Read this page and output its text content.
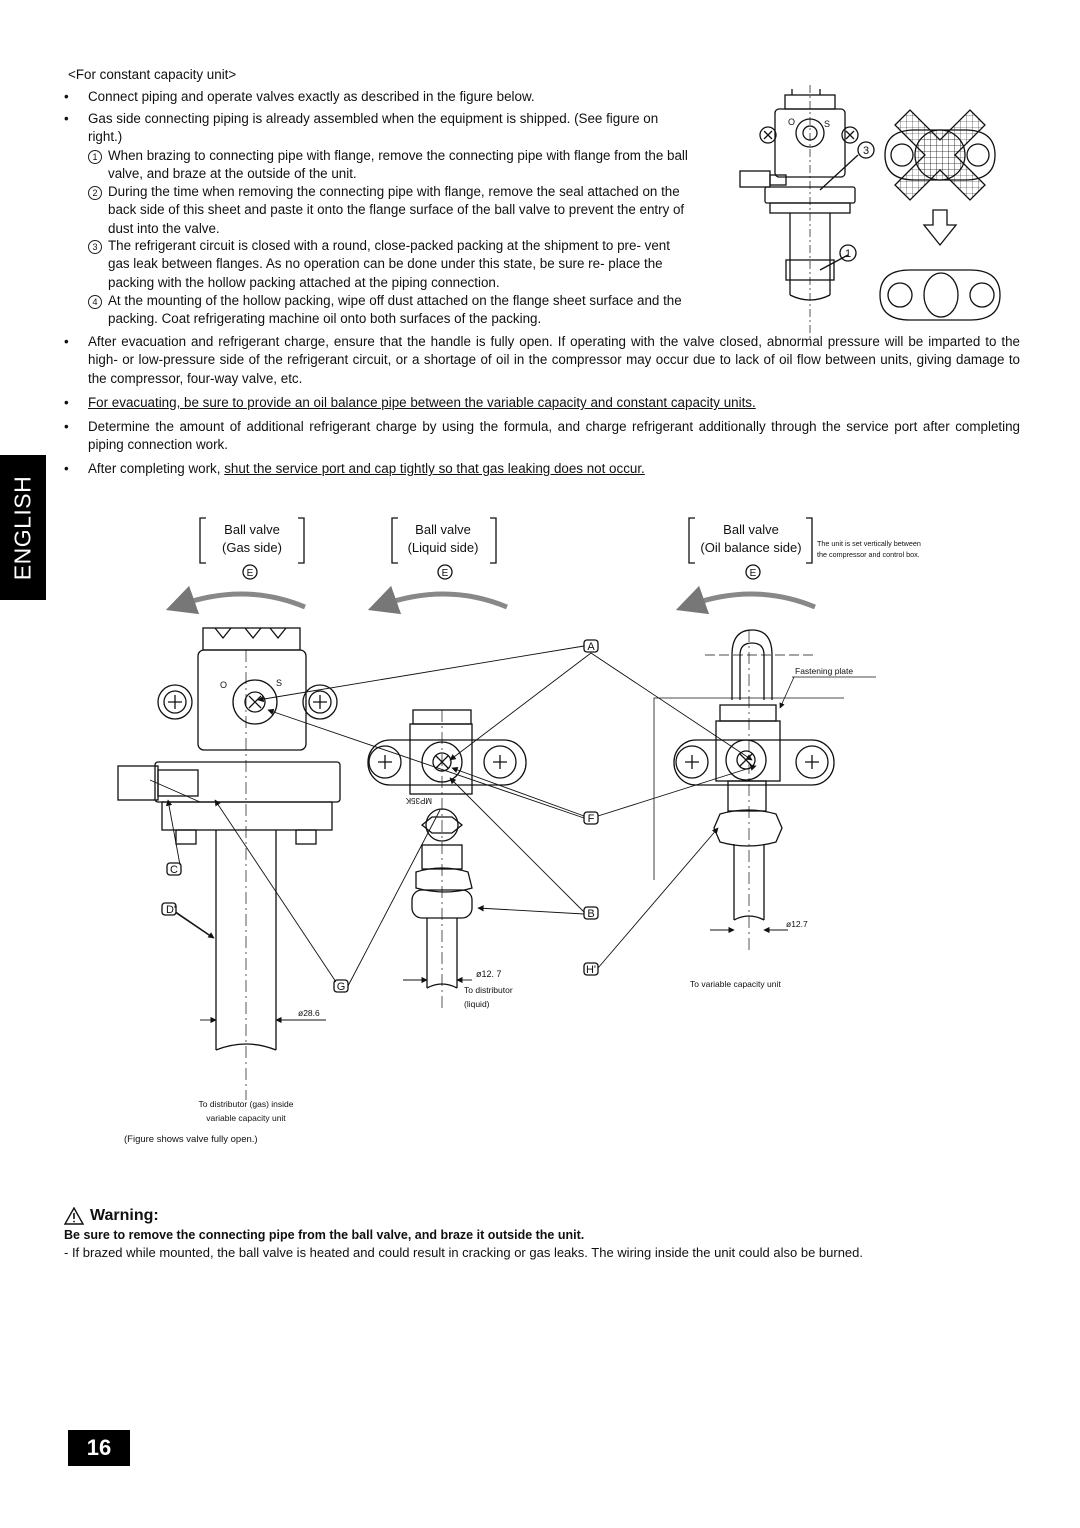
<For constant capacity unit>
•	Connect piping and operate valves exactly as described in the figure below.
•	Gas side connecting piping is already assembled when the equipment is shipped. (See figure on right.)
1 When brazing to connecting pipe with flange, remove the connecting pipe with flange from the ball valve, and braze at the outside of the unit.
2 During the time when removing the connecting pipe with flange, remove the seal attached on the back side of this sheet and paste it onto the flange surface of the ball valve to prevent the entry of dust into the valve.
3 The refrigerant circuit is closed with a round, close-packed packing at the shipment to pre- vent gas leak between flanges. As no operation can be done under this state, be sure re- place the packing with the hollow packing attached at the piping connection.
4 At the mounting of the hollow packing, wipe off dust attached on the flange sheet surface and the packing. Coat refrigerating machine oil onto both surfaces of the packing.
•	After evacuation and refrigerant charge, ensure that the handle is fully open. If operating with the valve closed, abnormal pressure will be imparted to the high- or low-pressure side of the refrigerant circuit, or a shortage of oil in the compressor may occur due to lack of oil flow between units, giving damage to the compressor, four-way valve, etc.
•	For evacuating, be sure to provide an oil balance pipe between the variable capacity and constant capacity units.
•	Determine the amount of additional refrigerant charge by using the formula, and charge refrigerant additionally through the service port after completing piping connection work.
•	After completing work, shut the service port and cap tightly so that gas leaking does not occur.
ENGLISH
O	S
3
1
Ball valve
(Gas side)
E
Ball valve
(Liquid side)
E
Ball valve
(Oil balance side)
E
The unit is set vertically between
the compressor and control box.
O	S
MP35K
A
F
B
H'
C
D'
G
Fastening plate
ø28.6
ø12. 7
To distributor
(liquid)
ø12.7
To variable capacity unit
To distributor (gas) inside
variable capacity unit
(Figure shows valve fully open.)
Warning:
Be sure to remove the connecting pipe from the ball valve, and braze it outside the unit.
- If brazed while mounted, the ball valve is heated and could result in cracking or gas leaks. The wiring inside the unit could also be burned.
16
